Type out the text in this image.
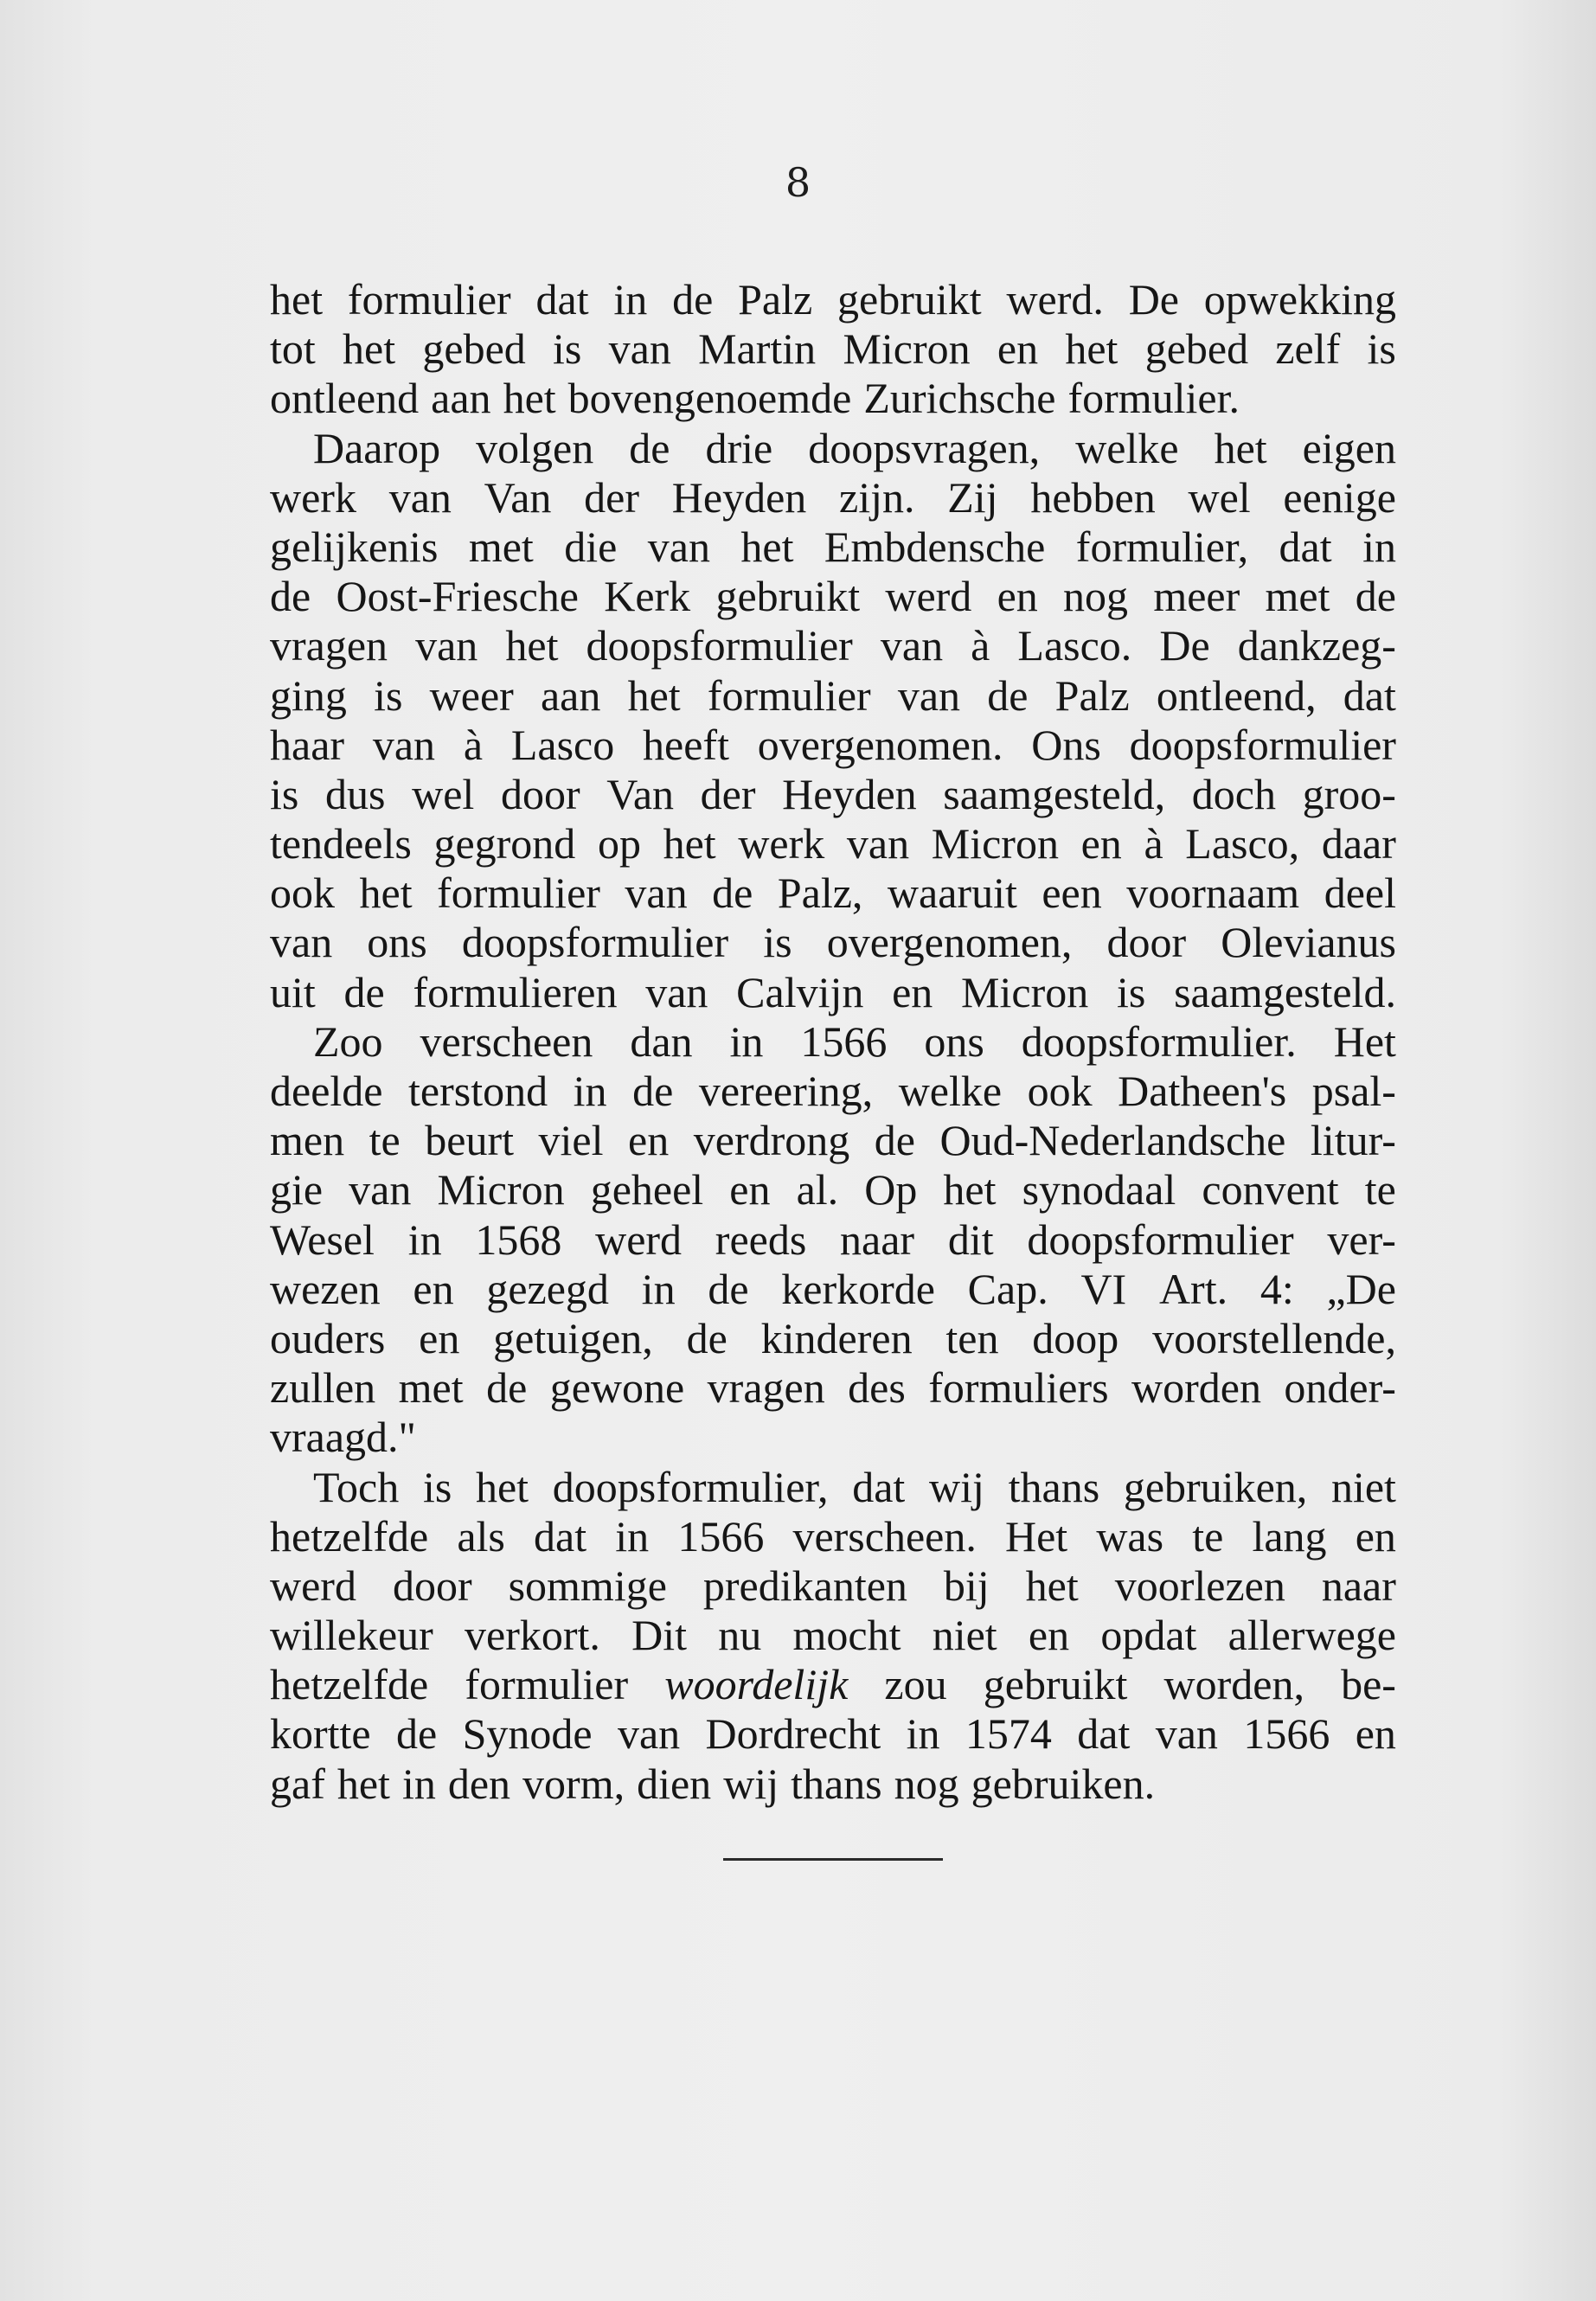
8
het formulier dat in de Palz gebruikt werd. De opwekking
tot het gebed is van Martin Micron en het gebed zelf is
ontleend aan het bovengenoemde Zurichsche formulier.
Daarop volgen de drie doopsvragen, welke het eigen
werk van Van der Heyden zijn. Zij hebben wel eenige
gelijkenis met die van het Embdensche formulier, dat in
de Oost-Friesche Kerk gebruikt werd en nog meer met de
vragen van het doopsformulier van à Lasco. De dankzeg-
ging is weer aan het formulier van de Palz ontleend, dat
haar van à Lasco heeft overgenomen. Ons doopsformulier
is dus wel door Van der Heyden saamgesteld, doch groo-
tendeels gegrond op het werk van Micron en à Lasco, daar
ook het formulier van de Palz, waaruit een voornaam deel
van ons doopsformulier is overgenomen, door Olevianus
uit de formulieren van Calvijn en Micron is saamgesteld.
Zoo verscheen dan in 1566 ons doopsformulier. Het
deelde terstond in de vereering, welke ook Datheen's psal-
men te beurt viel en verdrong de Oud-Nederlandsche litur-
gie van Micron geheel en al. Op het synodaal convent te
Wesel in 1568 werd reeds naar dit doopsformulier ver-
wezen en gezegd in de kerkorde Cap. VI Art. 4: „De
ouders en getuigen, de kinderen ten doop voorstellende,
zullen met de gewone vragen des formuliers worden onder-
vraagd."
Toch is het doopsformulier, dat wij thans gebruiken, niet
hetzelfde als dat in 1566 verscheen. Het was te lang en
werd door sommige predikanten bij het voorlezen naar
willekeur verkort. Dit nu mocht niet en opdat allerwege
hetzelfde formulier woordelijk zou gebruikt worden, be-
kortte de Synode van Dordrecht in 1574 dat van 1566 en
gaf het in den vorm, dien wij thans nog gebruiken.
